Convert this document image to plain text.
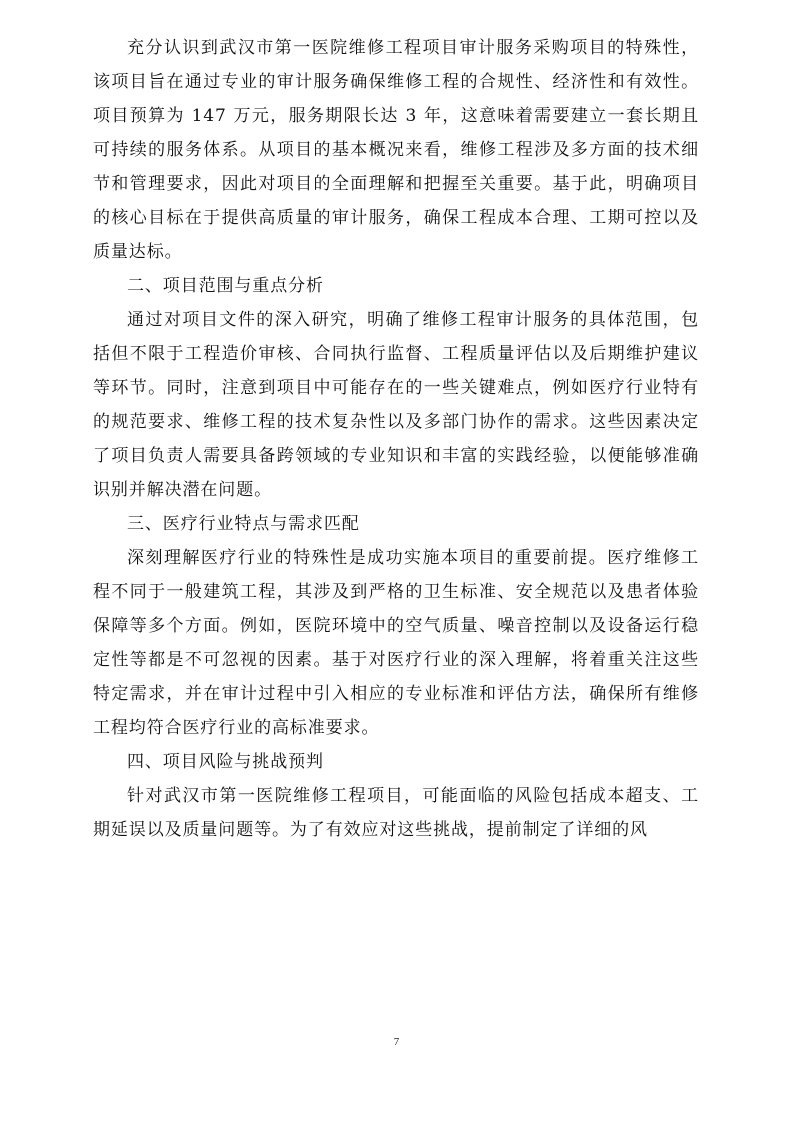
充分认识到武汉市第一医院维修工程项目审计服务采购项目的特殊性，该项目旨在通过专业的审计服务确保维修工程的合规性、经济性和有效性。项目预算为 147 万元，服务期限长达 3 年，这意味着需要建立一套长期且可持续的服务体系。从项目的基本概况来看，维修工程涉及多方面的技术细节和管理要求，因此对项目的全面理解和把握至关重要。基于此，明确项目的核心目标在于提供高质量的审计服务，确保工程成本合理、工期可控以及质量达标。

二、项目范围与重点分析

通过对项目文件的深入研究，明确了维修工程审计服务的具体范围，包括但不限于工程造价审核、合同执行监督、工程质量评估以及后期维护建议等环节。同时，注意到项目中可能存在的一些关键难点，例如医疗行业特有的规范要求、维修工程的技术复杂性以及多部门协作的需求。这些因素决定了项目负责人需要具备跨领域的专业知识和丰富的实践经验，以便能够准确识别并解决潜在问题。

三、医疗行业特点与需求匹配

深刻理解医疗行业的特殊性是成功实施本项目的重要前提。医疗维修工程不同于一般建筑工程，其涉及到严格的卫生标准、安全规范以及患者体验保障等多个方面。例如，医院环境中的空气质量、噪音控制以及设备运行稳定性等都是不可忽视的因素。基于对医疗行业的深入理解，将着重关注这些特定需求，并在审计过程中引入相应的专业标准和评估方法，确保所有维修工程均符合医疗行业的高标准要求。

四、项目风险与挑战预判

针对武汉市第一医院维修工程项目，可能面临的风险包括成本超支、工期延误以及质量问题等。为了有效应对这些挑战，提前制定了详细的风

7
